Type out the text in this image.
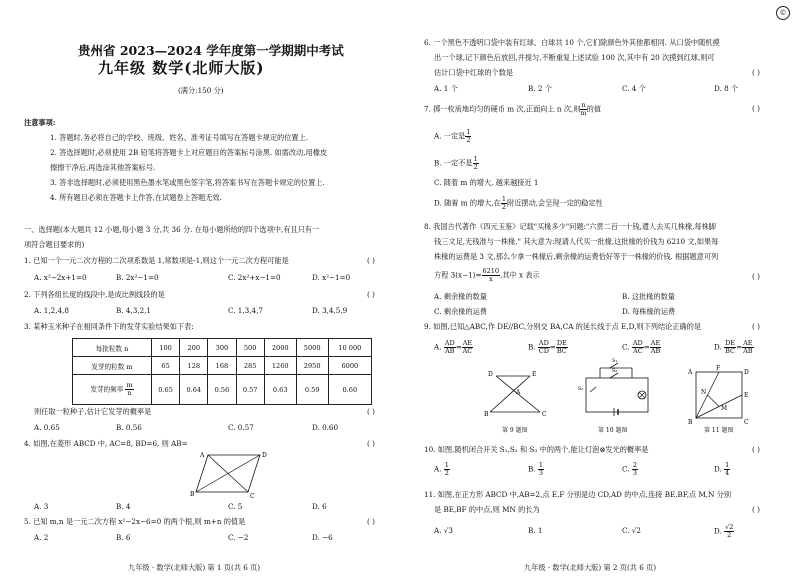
贵州省 2023—2024 学年度第一学期期中考试
九年级 数学(北师大版)
(满分:150 分)
注意事项:
1. 答题时,务必将自己的学校、班级、姓名、准考证号填写在答题卡规定的位置上.
2. 答选择题时,必须使用 2B 铅笔将答题卡上对应题目的答案标号涂黑. 如需改动,用橡皮
擦擦干净后,再选涂其他答案标号.
3. 答非选择题时,必须使用黑色墨水笔或黑色签字笔,将答案书写在答题卡规定的位置上.
4. 所有题目必须在答题卡上作答,在试题卷上答题无效.
一、选择题(本大题共 12 小题,每小题 3 分,共 36 分. 在每小题所给的四个选项中,有且只有一
项符合题目要求的)
1. 已知一个一元二次方程的二次项系数是 1,常数项是-1,则这个一元二次方程可能是	( )
A. x²−2x+1=0	B. 2x²−1=0	C. 2x²+x−1=0	D. x²−1=0
2. 下列各组长度的线段中,是成比例线段的是	( )
A. 1,2,4,8	B. 4,3,2,1	C. 1,3,4,7	D. 3,4,5,9
3. 某种玉米种子在相同条件下的发芽实验结果如下表:
每批粒数 n	100	200	300	500	2000	5000	10 000
发芽的粒数 m	65	128	168	285	1260	2950	6000
发芽的频率 $\frac{m}{n}$	0.65	0.64	0.56	0.57	0.63	0.59	0.60
则任取一粒种子,估计它发芽的概率是	( )
A. 0.65	B. 0.56	C. 0.57	D. 0.60
4. 如图,在菱形 ABCD 中, AC=8, BD=6, 则 AB=	( )
A
B	C
D
A. 3	B. 4	C. 5	D. 6
5. 已知 m,n 是一元二次方程 x²−2x−6=0 的两个根,则 m+n 的值是	( )
A. 2	B. 6	C. −2	D. −6
九年级 · 数学(北师大版) 第 1 页(共 6 页)
6. 一个黑色不透明口袋中装有红球、白球共 10 个,它们除颜色外其他都相同. 从口袋中随机摸
出一个球,记下颜色后放回,并搅匀,不断重复上述试验 100 次,其中有 20 次摸到红球,则可
估计口袋中红球的个数是	( )
A. 1 个	B. 2 个	C. 4 个	D. 8 个
7. 掷一枚质地均匀的硬币 m 次,正面向上 n 次,则 $\frac{n}{m}$ 的值	( )
A. 一定是 $\frac{1}{2}$
B. 一定不是 $\frac{1}{2}$
C. 随着 m 的增大, 越来越接近 1
D. 随着 m 的增大,在 $\frac{1}{2}$ 附近摆动,会呈现一定的稳定性
8. 我国古代著作《四元玉鉴》记载"买椽多少"问题:"六贯二百一十钱,遣人去买几株椽,每株脚
钱三文足,无钱准与一株椽." 其大意为:现请人代买一批椽,这批椽的价钱为 6210 文,如果每
株椽的运费是 3 文,那么少拿一株椽后,剩余椽的运费恰好等于一株椽的价钱. 根据题意可列
方程 $3(x-1)= \frac{6210}{x}$ ,其中 x 表示	( )
A. 剩余椽的数量	B. 这批椽的数量
C. 剩余椽的运费	D. 每株椽的运费
9. 如图,已知△ABC,作 DE//BC,分别交 BA,CA 的延长线于点 E,D,则下列结论正确的是	( )
A. $\frac{AD}{AB} = \frac{AE}{AC}$	B. $\frac{AD}{CD} = \frac{DE}{BC}$	C. $\frac{AD}{AC} = \frac{AE}{AB}$	D. $\frac{DE}{BC} = \frac{AE}{AB}$
D	E
A
B	C
第 9 题图
S₁
S₂
S₃
第 10 题图
A	D
E
N
M
B
F
C
第 11 题图
10. 如图,随机闭合开关 S₁,S₂ 和 S₃ 中的两个,能让灯泡⊗发光的概率是	( )
A. $\frac{1}{2}$	B. $\frac{1}{3}$	C. $\frac{2}{3}$	D. $\frac{1}{4}$
11. 如图,在正方形 ABCD 中,AB=2,点 E,F 分别是边 CD,AD 的中点,连接 BE,BF,点 M,N 分别
是 BE,BF 的中点,则 MN 的长为	( )
A. √3	B. 1	C. √2	D. $\frac{√2}{2}$
九年级 · 数学(北师大版) 第 2 页(共 6 页)
©
